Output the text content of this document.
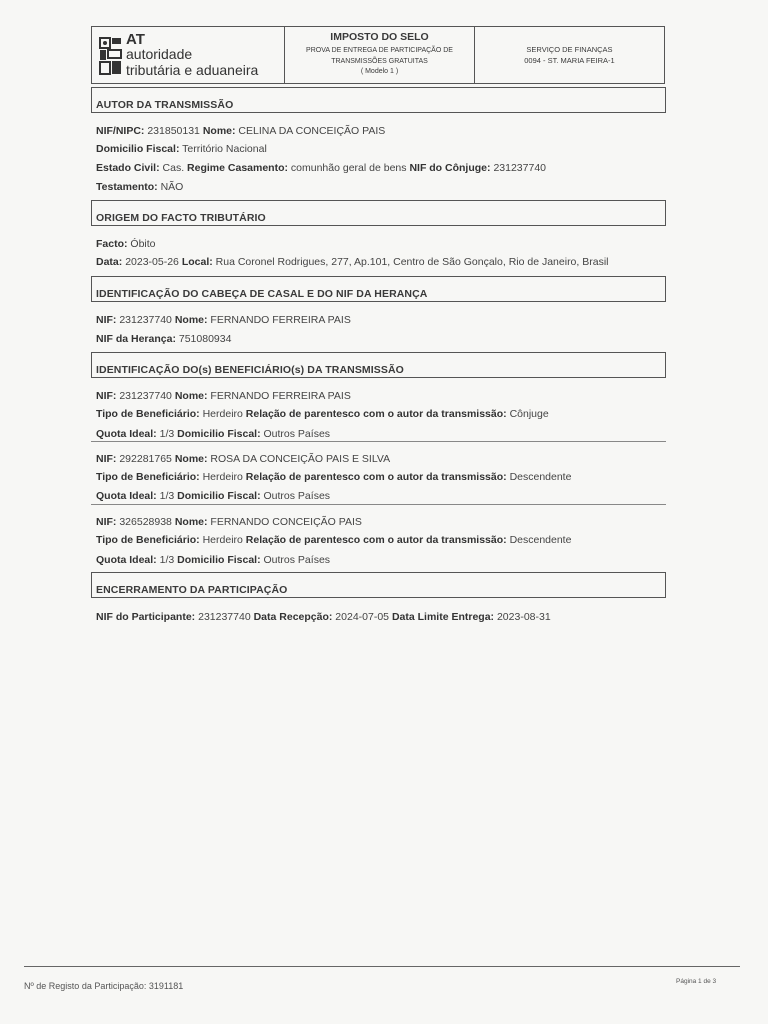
AT
autoridade
tributária e aduaneira
IMPOSTO DO SELO
PROVA DE ENTREGA DE PARTICIPAÇÃO DE
TRANSMISSÕES GRATUITAS
( Modelo 1 )
SERVIÇO DE FINANÇAS
0094 - ST. MARIA FEIRA-1
AUTOR DA TRANSMISSÃO
NIF/NIPC: 231850131 Nome: CELINA DA CONCEIÇÃO PAIS
Domicilio Fiscal: Território Nacional
Estado Civil: Cas. Regime Casamento: comunhão geral de bens NIF do Cônjuge: 231237740
Testamento: NÃO
ORIGEM DO FACTO TRIBUTÁRIO
Facto: Óbito
Data: 2023-05-26 Local: Rua Coronel Rodrigues, 277, Ap.101, Centro de São Gonçalo, Rio de Janeiro, Brasil
IDENTIFICAÇÃO DO CABEÇA DE CASAL E DO NIF DA HERANÇA
NIF: 231237740 Nome: FERNANDO FERREIRA PAIS
NIF da Herança: 751080934
IDENTIFICAÇÃO DO(s) BENEFICIÁRIO(s) DA TRANSMISSÃO
NIF: 231237740 Nome: FERNANDO FERREIRA PAIS
Tipo de Beneficiário: Herdeiro Relação de parentesco com o autor da transmissão: Cônjuge
Quota Ideal: 1/3 Domicilio Fiscal: Outros Países
NIF: 292281765 Nome: ROSA DA CONCEIÇÃO PAIS E SILVA
Tipo de Beneficiário: Herdeiro Relação de parentesco com o autor da transmissão: Descendente
Quota Ideal: 1/3 Domicilio Fiscal: Outros Países
NIF: 326528938 Nome: FERNANDO CONCEIÇÃO PAIS
Tipo de Beneficiário: Herdeiro Relação de parentesco com o autor da transmissão: Descendente
Quota Ideal: 1/3 Domicilio Fiscal: Outros Países
ENCERRAMENTO DA PARTICIPAÇÃO
NIF do Participante: 231237740 Data Recepção: 2024-07-05 Data Limite Entrega: 2023-08-31
Nº de Registo da Participação: 3191181	Página 1 de 3
